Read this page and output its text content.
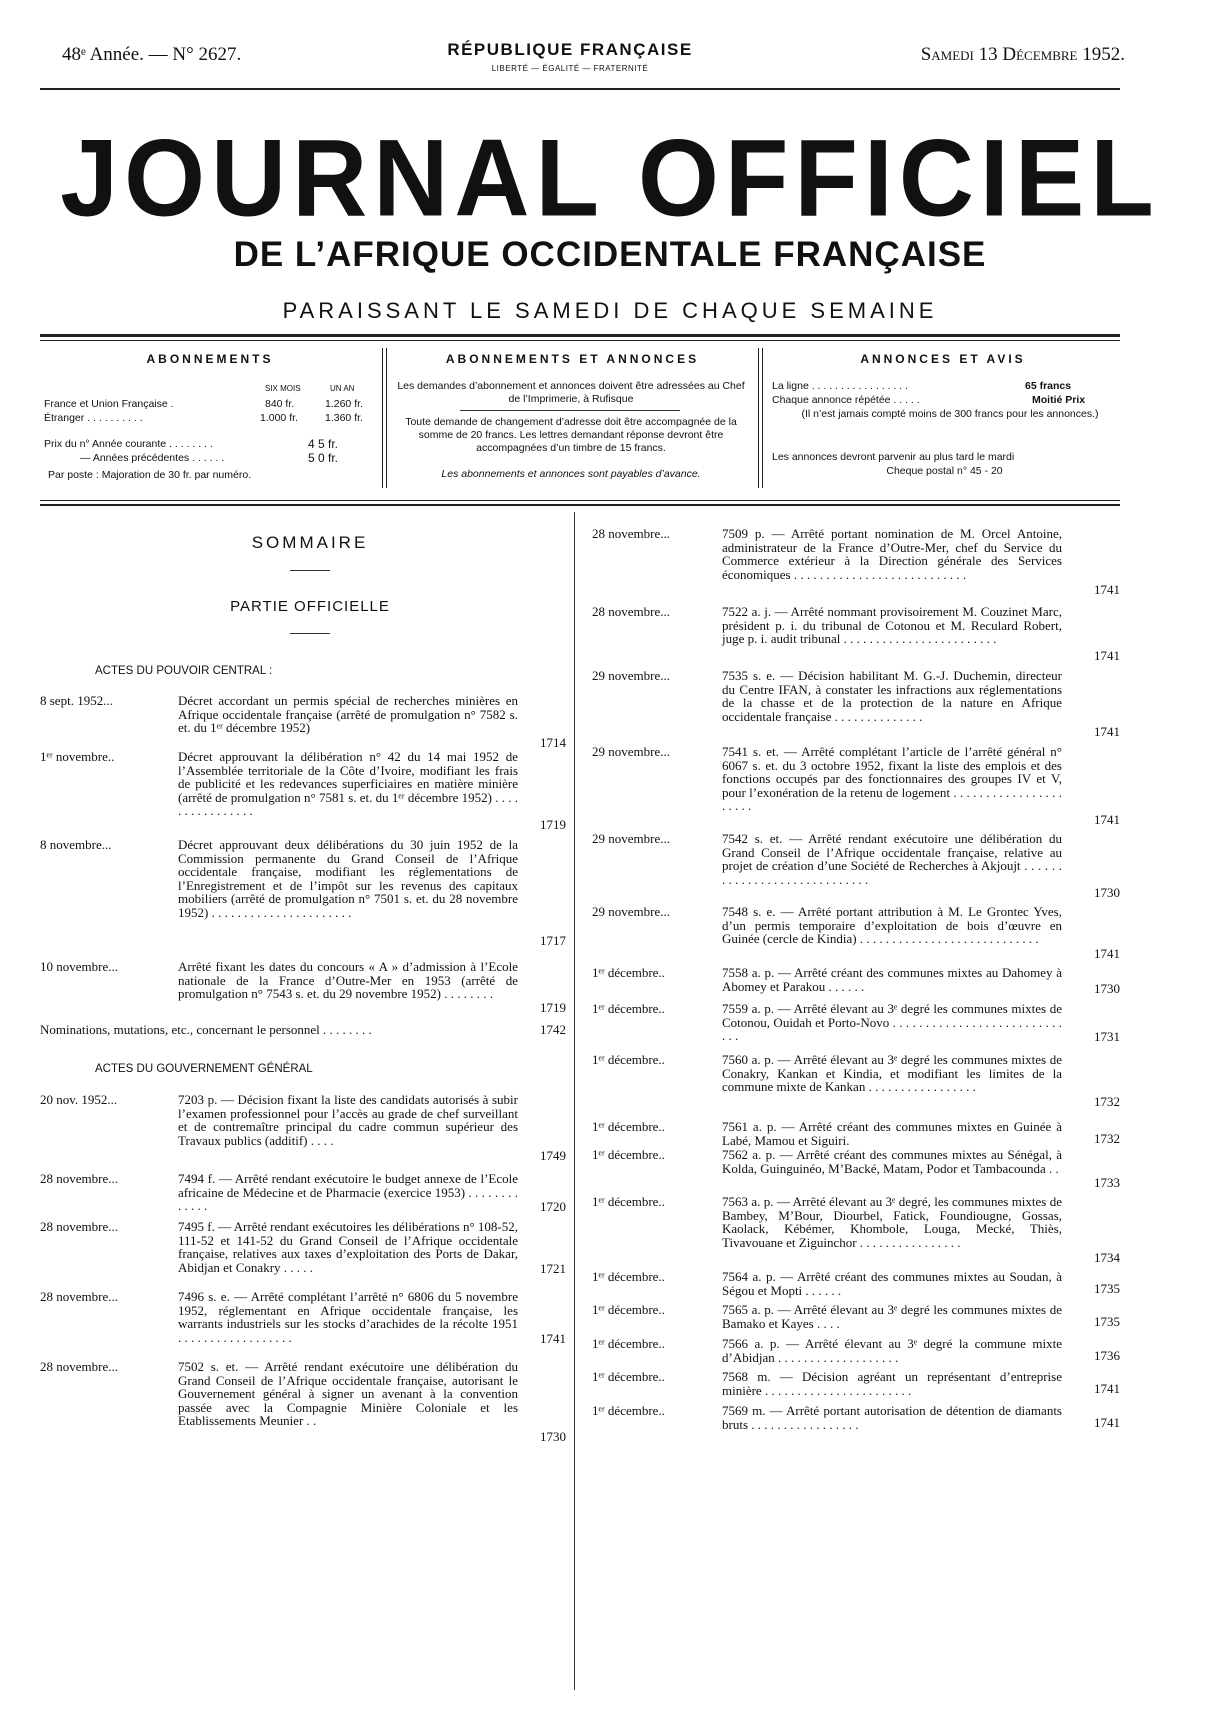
48ᵉ Année. — N° 2627.	RÉPUBLIQUE FRANÇAISE
LIBERTÉ — ÉGALITÉ — FRATERNITÉ
Samedi 13 Décembre 1952.
JOURNAL OFFICIEL
DE L’AFRIQUE OCCIDENTALE FRANÇAISE
PARAISSANT LE SAMEDI DE CHAQUE SEMAINE
ABONNEMENTS
SIX MOIS	UN AN
France et Union Française .	840 fr.	1.260 fr.
Étranger . . . . . . . . . .	1.000 fr.	1.360 fr.
Prix du n° Année courante . . . . . . . .	4 5 fr.
— Années précédentes . . . . . .	5 0 fr.
Par poste : Majoration de 30 fr. par numéro.
ABONNEMENTS ET ANNONCES
Les demandes d’abonnement et annonces doivent être adressées au Chef de l’Imprimerie, à Rufisque
Toute demande de changement d’adresse doit être accompagnée de la somme de 20 francs. Les lettres demandant réponse devront être accompagnées d’un timbre de 15 francs.
Les abonnements et annonces sont payables d’avance.
ANNONCES ET AVIS
La ligne . . . . . . . . . . . . . . . . .	65 francs
Chaque annonce répétée . . . . .	Moitié Prix
(Il n’est jamais compté moins de 300 francs pour les annonces.)
Les annonces devront parvenir au plus tard le mardi
Cheque postal n° 45 - 20
SOMMAIRE
PARTIE OFFICIELLE
ACTES DU POUVOIR CENTRAL :
8 sept. 1952...	Décret accordant un permis spécial de recherches minières en Afrique occidentale française (arrêté de promulgation n° 7582 s. et. du 1ᵉʳ décembre 1952)
1714
1ᵉʳ novembre..	Décret approuvant la délibération n° 42 du 14 mai 1952 de l’Assemblée territoriale de la Côte d’Ivoire, modifiant les frais de publicité et les redevances superficiaires en matière minière (arrêté de promulgation n° 7581 s. et. du 1ᵉʳ décembre 1952) . . . . . . . . . . . . . . . .
1719
8 novembre...	Décret approuvant deux délibérations du 30 juin 1952 de la Commission permanente du Grand Conseil de l’Afrique occidentale française, modifiant les réglementations de l’Enregistrement et de l’impôt sur les revenus des capitaux mobiliers (arrêté de promulgation n° 7501 s. et. du 28 novembre 1952) . . . . . . . . . . . . . . . . . . . . . .
1717
10 novembre...	Arrêté fixant les dates du concours « A » d’admission à l’Ecole nationale de la France d’Outre-Mer en 1953 (arrêté de promulgation n° 7543 s. et. du 29 novembre 1952) . . . . . . . .
1719
20 nov. 1952...	7203 p. — Décision fixant la liste des candidats autorisés à subir l’examen professionnel pour l’accès au grade de chef surveillant et de contremaître principal du cadre commun supérieur des Travaux publics (additif) . . . .
1749
28 novembre...	7494 f. — Arrêté rendant exécutoire le budget annexe de l’Ecole africaine de Médecine et de Pharmacie (exercice 1953) . . . . . . . . . . . . .	1720
28 novembre...	7495 f. — Arrêté rendant exécutoires les délibérations n° 108-52, 111-52 et 141-52 du Grand Conseil de l’Afrique occidentale française, relatives aux taxes d’exploitation des Ports de Dakar, Abidjan et Conakry . . . . .	1721
28 novembre...	7496 s. e. — Arrêté complétant l’arrêté n° 6806 du 5 novembre 1952, réglementant en Afrique occidentale française, les warrants industriels sur les stocks d’arachides de la récolte 1951 . . . . . . . . . . . . . . . . . .	1741
28 novembre...	7502 s. et. — Arrêté rendant exécutoire une délibération du Grand Conseil de l’Afrique occidentale française, autorisant le Gouvernement général à signer un avenant à la convention passée avec la Compagnie Minière Coloniale et les Etablissements Meunier . .
1730
ACTES DU GOUVERNEMENT GÉNÉRAL
Nominations, mutations, etc., concernant le personnel . . . . . . . .	1742
28 novembre...	7509 p. — Arrêté portant nomination de M. Orcel Antoine, administrateur de la France d’Outre-Mer, chef du Service du Commerce extérieur à la Direction générale des Services économiques . . . . . . . . . . . . . . . . . . . . . . . . . . .
1741
28 novembre...	7522 a. j. — Arrêté nommant provisoirement M. Couzinet Marc, président p. i. du tribunal de Cotonou et M. Reculard Robert, juge p. i. audit tribunal . . . . . . . . . . . . . . . . . . . . . . . .
1741
29 novembre...	7535 s. e. — Décision habilitant M. G.-J. Duchemin, directeur du Centre IFAN, à constater les infractions aux réglementations de la chasse et de la protection de la nature en Afrique occidentale française . . . . . . . . . . . . . .
1741
29 novembre...	7541 s. et. — Arrêté complétant l’article de l’arrêté général n° 6067 s. et. du 3 octobre 1952, fixant la liste des emplois et des fonctions occupés par des fonctionnaires des groupes IV et V, pour l’exonération de la retenu de logement . . . . . . . . . . . . . . . . . . . . . .
1741
29 novembre...	7542 s. et. — Arrêté rendant exécutoire une délibération du Grand Conseil de l’Afrique occidentale française, relative au projet de création d’une Société de Recherches à Akjoujt . . . . . . . . . . . . . . . . . . . . . . . . . . . . .
1730
29 novembre...	7548 s. e. — Arrêté portant attribution à M. Le Grontec Yves, d’un permis temporaire d’exploitation de bois d’œuvre en Guinée (cercle de Kindia) . . . . . . . . . . . . . . . . . . . . . . . . . . . .
1741
1ᵉʳ décembre..	7558 a. p. — Arrêté créant des communes mixtes au Dahomey à Abomey et Parakou . . . . . .	1730
1ᵉʳ décembre..	7559 a. p. — Arrêté élevant au 3ᵉ degré les communes mixtes de Cotonou, Ouidah et Porto-Novo . . . . . . . . . . . . . . . . . . . . . . . . . . . . .	1731
1ᵉʳ décembre..	7560 a. p. — Arrêté élevant au 3ᵉ degré les communes mixtes de Conakry, Kankan et Kindia, et modifiant les limites de la commune mixte de Kankan . . . . . . . . . . . . . . . . .
1732
1ᵉʳ décembre..	7561 a. p. — Arrêté créant des communes mixtes en Guinée à Labé, Mamou et Siguiri.	1732
1ᵉʳ décembre..	7562 a. p. — Arrêté créant des communes mixtes au Sénégal, à Kolda, Guinguinéo, M’Backé, Matam, Podor et Tambacounda . .
1733
1ᵉʳ décembre..	7563 a. p. — Arrêté élevant au 3ᵉ degré, les communes mixtes de Bambey, M’Bour, Diourbel, Fatick, Foundiougne, Gossas, Kaolack, Kébémer, Khombole, Louga, Mecké, Thiès, Tivavouane et Ziguinchor . . . . . . . . . . . . . . . .
1734
1ᵉʳ décembre..	7564 a. p. — Arrêté créant des communes mixtes au Soudan, à Ségou et Mopti . . . . . .	1735
1ᵉʳ décembre..	7565 a. p. — Arrêté élevant au 3ᵉ degré les communes mixtes de Bamako et Kayes . . . .	1735
1ᵉʳ décembre..	7566 a. p. — Arrêté élevant au 3ᵉ degré la commune mixte d’Abidjan . . . . . . . . . . . . . . . . . . .	1736
1ᵉʳ décembre..	7568 m. — Décision agréant un représentant d’entreprise minière . . . . . . . . . . . . . . . . . . . . . . .	1741
1ᵉʳ décembre..	7569 m. — Arrêté portant autorisation de détention de diamants bruts . . . . . . . . . . . . . . . . .	1741
